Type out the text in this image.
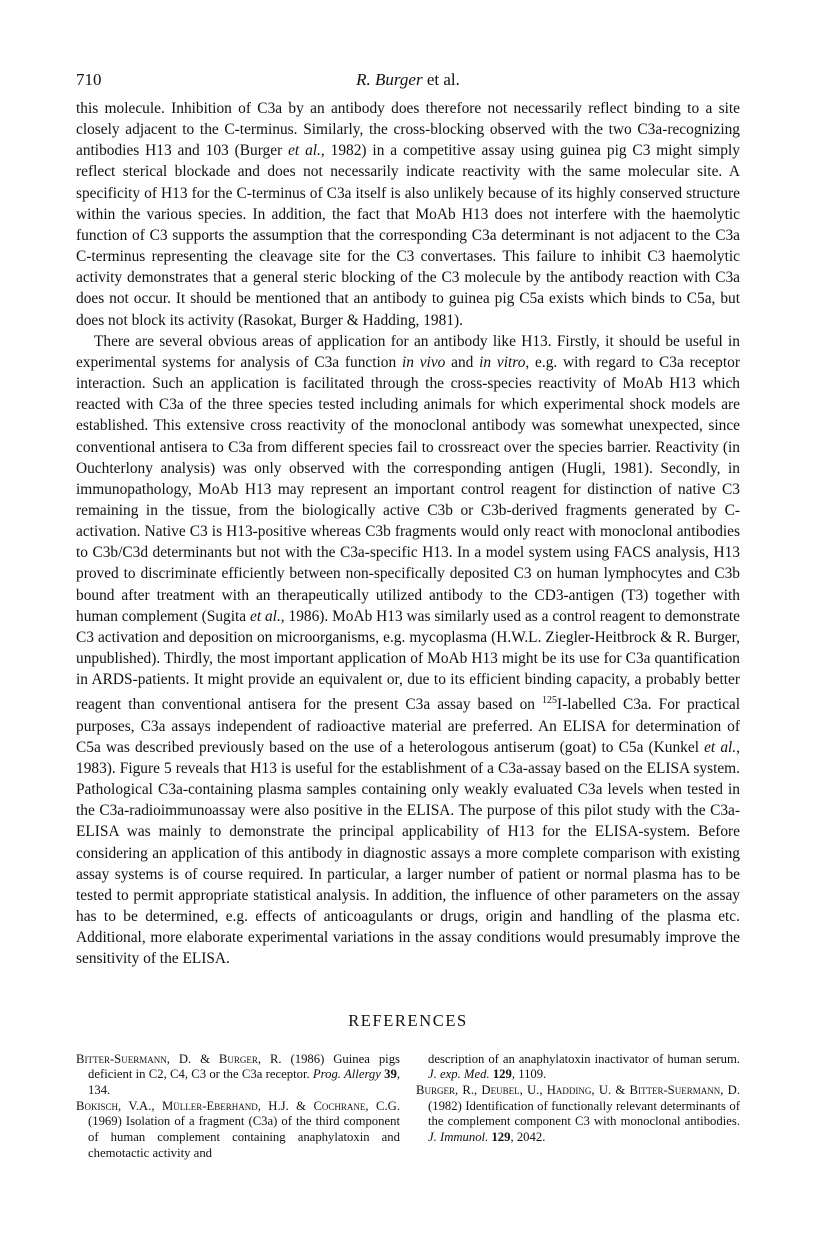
710	R. Burger et al.

this molecule. Inhibition of C3a by an antibody does therefore not necessarily reflect binding to a site closely adjacent to the C-terminus. Similarly, the cross-blocking observed with the two C3a-recognizing antibodies H13 and 103 (Burger et al., 1982) in a competitive assay using guinea pig C3 might simply reflect sterical blockade and does not necessarily indicate reactivity with the same molecular site. A specificity of H13 for the C-terminus of C3a itself is also unlikely because of its highly conserved structure within the various species. In addition, the fact that MoAb H13 does not interfere with the haemolytic function of C3 supports the assumption that the corresponding C3a determinant is not adjacent to the C3a C-terminus representing the cleavage site for the C3 convertases. This failure to inhibit C3 haemolytic activity demonstrates that a general steric blocking of the C3 molecule by the antibody reaction with C3a does not occur. It should be mentioned that an antibody to guinea pig C5a exists which binds to C5a, but does not block its activity (Rasokat, Burger & Hadding, 1981).

There are several obvious areas of application for an antibody like H13. Firstly, it should be useful in experimental systems for analysis of C3a function in vivo and in vitro, e.g. with regard to C3a receptor interaction. Such an application is facilitated through the cross-species reactivity of MoAb H13 which reacted with C3a of the three species tested including animals for which experimental shock models are established. This extensive cross reactivity of the monoclonal antibody was somewhat unexpected, since conventional antisera to C3a from different species fail to crossreact over the species barrier. Reactivity (in Ouchterlony analysis) was only observed with the corresponding antigen (Hugli, 1981). Secondly, in immunopathology, MoAb H13 may represent an important control reagent for distinction of native C3 remaining in the tissue, from the biologically active C3b or C3b-derived fragments generated by C-activation. Native C3 is H13-positive whereas C3b fragments would only react with monoclonal antibodies to C3b/C3d determinants but not with the C3a-specific H13. In a model system using FACS analysis, H13 proved to discriminate efficiently between non-specifically deposited C3 on human lymphocytes and C3b bound after treatment with an therapeutically utilized antibody to the CD3-antigen (T3) together with human complement (Sugita et al., 1986). MoAb H13 was similarly used as a control reagent to demonstrate C3 activation and deposition on microorganisms, e.g. mycoplasma (H.W.L. Ziegler-Heitbrock & R. Burger, unpublished). Thirdly, the most important application of MoAb H13 might be its use for C3a quantification in ARDS-patients. It might provide an equivalent or, due to its efficient binding capacity, a probably better reagent than conventional antisera for the present C3a assay based on $^{125}$I-labelled C3a. For practical purposes, C3a assays independent of radioactive material are preferred. An ELISA for determination of C5a was described previously based on the use of a heterologous antiserum (goat) to C5a (Kunkel et al., 1983). Figure 5 reveals that H13 is useful for the establishment of a C3a-assay based on the ELISA system. Pathological C3a-containing plasma samples containing only weakly evaluated C3a levels when tested in the C3a-radioimmunoassay were also positive in the ELISA. The purpose of this pilot study with the C3a-ELISA was mainly to demonstrate the principal applicability of H13 for the ELISA-system. Before considering an application of this antibody in diagnostic assays a more complete comparison with existing assay systems is of course required. In particular, a larger number of patient or normal plasma has to be tested to permit appropriate statistical analysis. In addition, the influence of other parameters on the assay has to be determined, e.g. effects of anticoagulants or drugs, origin and handling of the plasma etc. Additional, more elaborate experimental variations in the assay conditions would presumably improve the sensitivity of the ELISA.

REFERENCES

Bitter-Suermann, D. & Burger, R. (1986) Guinea pigs deficient in C2, C4, C3 or the C3a receptor. Prog. Allergy 39, 134.

Bokisch, V.A., Müller-Eberhand, H.J. & Cochrane, C.G. (1969) Isolation of a fragment (C3a) of the third component of human complement containing anaphylatoxin and chemotactic activity and

description of an anaphylatoxin inactivator of human serum. J. exp. Med. 129, 1109.

Burger, R., Deubel, U., Hadding, U. & Bitter-Suermann, D. (1982) Identification of functionally relevant determinants of the complement component C3 with monoclonal antibodies. J. Immunol. 129, 2042.
